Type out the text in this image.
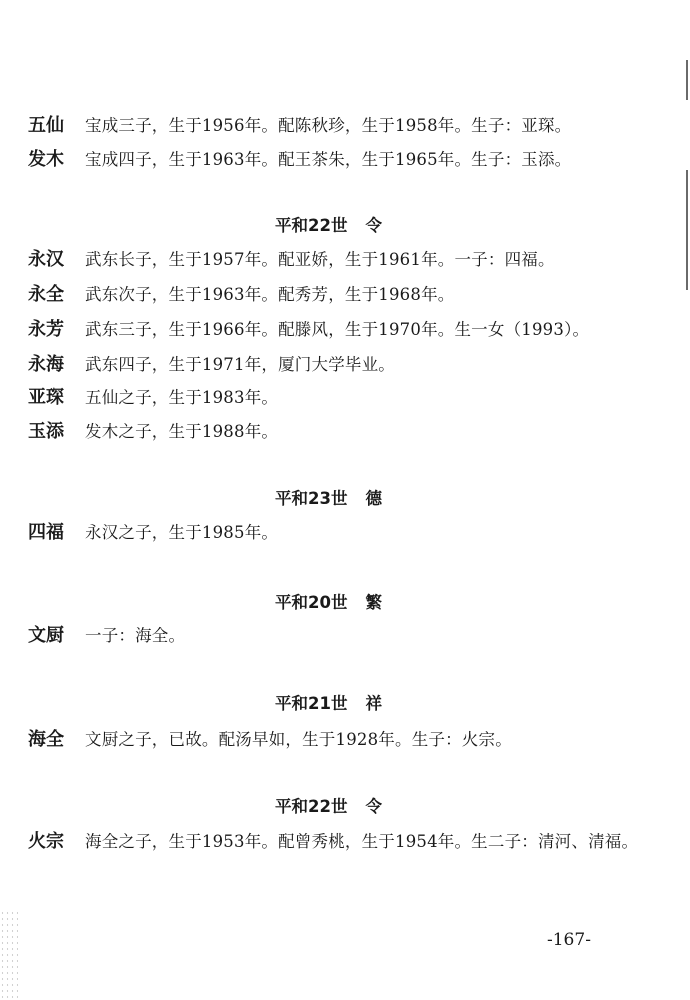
五仙	宝成三子，生于1956年。配陈秋珍，生于1958年。生子：亚琛。
发木	宝成四子，生于1963年。配王茶朱，生于1965年。生子：玉添。
平和22世 令
永汉	武东长子，生于1957年。配亚娇，生于1961年。一子：四福。
永全	武东次子，生于1963年。配秀芳，生于1968年。
永芳	武东三子，生于1966年。配滕风，生于1970年。生一女（1993）。
永海	武东四子，生于1971年，厦门大学毕业。
亚琛	五仙之子，生于1983年。
玉添	发木之子，生于1988年。
平和23世 德
四福	永汉之子，生于1985年。
平和20世 繁
文厨	一子：海全。
平和21世 祥
海全	文厨之子，已故。配汤早如，生于1928年。生子：火宗。
平和22世 令
火宗	海全之子，生于1953年。配曾秀桃，生于1954年。生二子：清河、清福。
-167-
